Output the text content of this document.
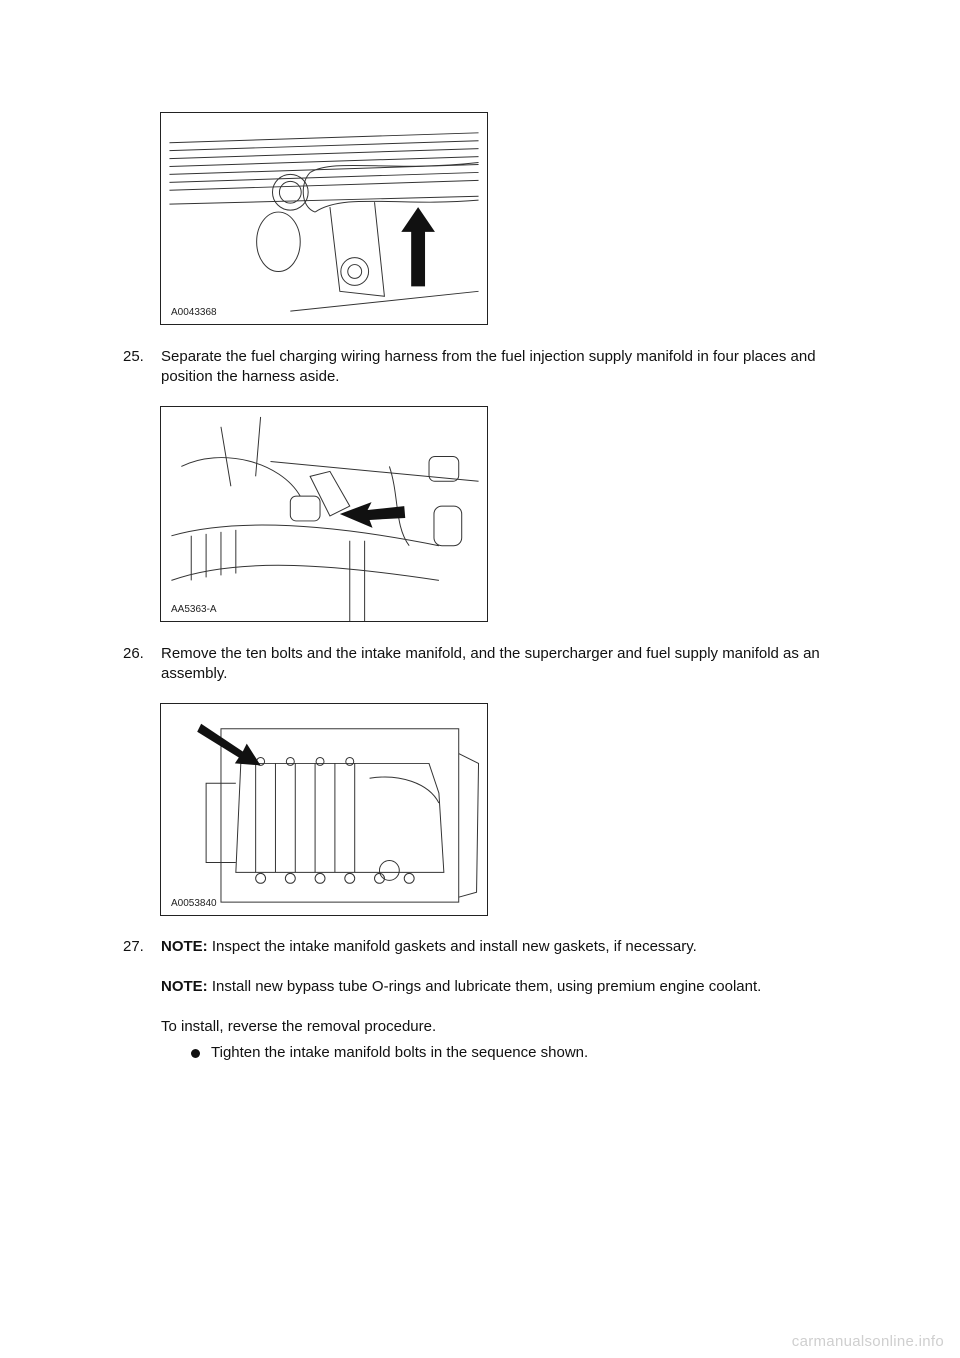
A0043368
25.	Separate the fuel charging wiring harness from the fuel injection supply manifold in four places and position the harness aside.
AA5363-A
26.	Remove the ten bolts and the intake manifold, and the supercharger and fuel supply manifold as an assembly.
A0053840
27.	NOTE: Inspect the intake manifold gaskets and install new gaskets, if necessary.

NOTE: Install new bypass tube O-rings and lubricate them, using premium engine coolant.

To install, reverse the removal procedure.

Tighten the intake manifold bolts in the sequence shown.
carmanualsonline.info
